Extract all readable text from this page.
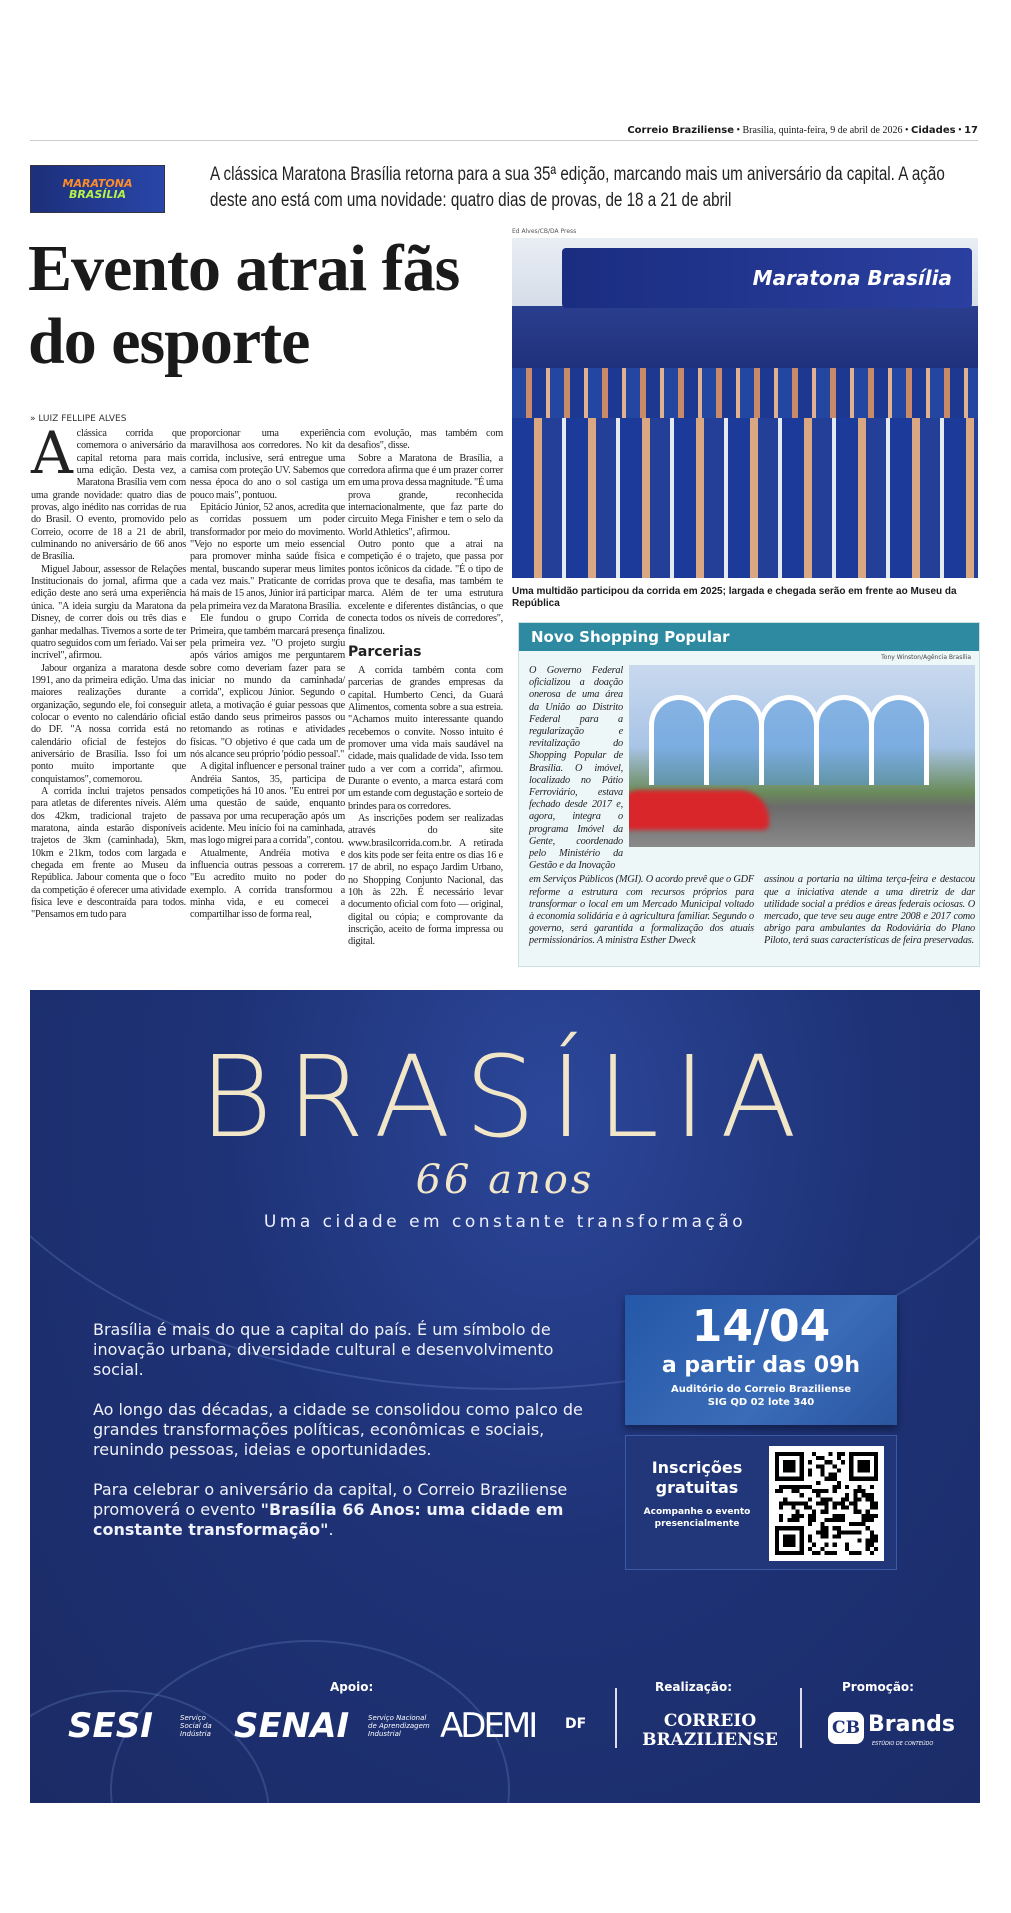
Correio Braziliense • Brasília, quinta-feira, 9 de abril de 2026 • Cidades • 17
MARATONA
BRASÍLIA
A clássica Maratona Brasília retorna para a sua 35ª edição, marcando mais um aniversário da capital. A ação deste ano está com uma novidade: quatro dias de provas, de 18 a 21 de abril
Evento atrai fãs do esporte
Ed Alves/CB/DA Press
Maratona Brasília
Uma multidão participou da corrida em 2025; largada e chegada serão em frente ao Museu da República
» LUIZ FELLIPE ALVES

Aclássica corrida que comemora o aniversário da capital retorna para mais uma edição. Desta vez, a Maratona Brasília vem com uma grande novidade: quatro dias de provas, algo inédito nas corridas de rua do Brasil. O evento, promovido pelo Correio, ocorre de 18 a 21 de abril, culminando no aniversário de 66 anos de Brasília.

Miguel Jabour, assessor de Relações Institucionais do jornal, afirma que a edição deste ano será uma experiência única. "A ideia surgiu da Maratona da Disney, de correr dois ou três dias e ganhar medalhas. Tivemos a sorte de ter quatro seguidos com um feriado. Vai ser incrível", afirmou.

Jabour organiza a maratona desde 1991, ano da primeira edição. Uma das maiores realizações durante a organização, segundo ele, foi conseguir colocar o evento no calendário oficial do DF. "A nossa corrida está no calendário oficial de festejos do aniversário de Brasília. Isso foi um ponto muito importante que conquistamos", comemorou.

A corrida inclui trajetos pensados para atletas de diferentes níveis. Além dos 42km, tradicional trajeto de maratona, ainda estarão disponíveis trajetos de 3km (caminhada), 5km, 10km e 21km, todos com largada e chegada em frente ao Museu da República. Jabour comenta que o foco da competição é oferecer uma atividade física leve e descontraída para todos. "Pensamos em tudo para

proporcionar uma experiência maravilhosa aos corredores. No kit da corrida, inclusive, será entregue uma camisa com proteção UV. Sabemos que nessa época do ano o sol castiga um pouco mais", pontuou.

Epitácio Júnior, 52 anos, acredita que as corridas possuem um poder transformador por meio do movimento. "Vejo no esporte um meio essencial para promover minha saúde física e mental, buscando superar meus limites cada vez mais." Praticante de corridas há mais de 15 anos, Júnior irá participar pela primeira vez da Maratona Brasília.

Ele fundou o grupo Corrida de Primeira, que também marcará presença pela primeira vez. "O projeto surgiu após vários amigos me perguntarem sobre como deveriam fazer para se iniciar no mundo da caminhada/ corrida", explicou Júnior. Segundo o atleta, a motivação é guiar pessoas que estão dando seus primeiros passos ou retomando as rotinas e atividades físicas. "O objetivo é que cada um de nós alcance seu próprio 'pódio pessoal'."

A digital influencer e personal trainer Andréia Santos, 35, participa de competições há 10 anos. "Eu entrei por uma questão de saúde, enquanto passava por uma recuperação após um acidente. Meu início foi na caminhada, mas logo migrei para a corrida", contou.

Atualmente, Andréia motiva e influencia outras pessoas a correrem. "Eu acredito muito no poder do exemplo. A corrida transformou a minha vida, e eu comecei a compartilhar isso de forma real,

com evolução, mas também com desafios", disse.

Sobre a Maratona de Brasília, a corredora afirma que é um prazer correr em uma prova dessa magnitude. "É uma prova grande, reconhecida internacionalmente, que faz parte do circuito Mega Finisher e tem o selo da World Athletics", afirmou.

Outro ponto que a atrai na competição é o trajeto, que passa por pontos icônicos da cidade. "É o tipo de prova que te desafia, mas também te marca. Além de ter uma estrutura excelente e diferentes distâncias, o que conecta todos os níveis de corredores", finalizou.

Parcerias

A corrida também conta com parcerias de grandes empresas da capital. Humberto Cenci, da Guará Alimentos, comenta sobre a sua estreia. "Achamos muito interessante quando recebemos o convite. Nosso intuito é promover uma vida mais saudável na cidade, mais qualidade de vida. Isso tem tudo a ver com a corrida", afirmou. Durante o evento, a marca estará com um estande com degustação e sorteio de brindes para os corredores.

As inscrições podem ser realizadas através do site www.brasilcorrida.com.br. A retirada dos kits pode ser feita entre os dias 16 e 17 de abril, no espaço Jardim Urbano, no Shopping Conjunto Nacional, das 10h às 22h. É necessário levar documento oficial com foto — original, digital ou cópia; e comprovante da inscrição, aceito de forma impressa ou digital.

Novo Shopping Popular
Tony Winston/Agência Brasília
O Governo Federal oficializou a doação onerosa de uma área da União ao Distrito Federal para a regularização e revitalização do Shopping Popular de Brasília. O imóvel, localizado no Pátio Ferroviário, estava fechado desde 2017 e, agora, integra o programa Imóvel da Gente, coordenado pelo Ministério da Gestão e da Inovação
em Serviços Públicos (MGI). O acordo prevê que o GDF reforme a estrutura com recursos próprios para transformar o local em um Mercado Municipal voltado à economia solidária e à agricultura familiar. Segundo o governo, será garantida a formalização dos atuais permissionários. A ministra Esther Dweck
assinou a portaria na última terça-feira e destacou que a iniciativa atende a uma diretriz de dar utilidade social a prédios e áreas federais ociosas. O mercado, que teve seu auge entre 2008 e 2017 como abrigo para ambulantes da Rodoviária do Plano Piloto, terá suas características de feira preservadas.
BRASÍLIA
66 anos
Uma cidade em constante transformação

Brasília é mais do que a capital do país. É um símbolo de inovação urbana, diversidade cultural e desenvolvimento social.

Ao longo das décadas, a cidade se consolidou como palco de grandes transformações políticas, econômicas e sociais, reunindo pessoas, ideias e oportunidades.

Para celebrar o aniversário da capital, o Correio Braziliense promoverá o evento "Brasília 66 Anos: uma cidade em constante transformação".

14/04
a partir das 09h
Auditório do Correio Braziliense
SIG QD 02 lote 340
Inscrições gratuitas
Acompanhe o evento presencialmente
Apoio:
SESI	Serviço Social da Indústria SENAI	Serviço Nacional de Aprendizagem Industrial	ADEMI DF
Realização:
CORREIO BRAZILIENSE
Promoção:
CB Brands
ESTÚDIO DE CONTEÚDO
